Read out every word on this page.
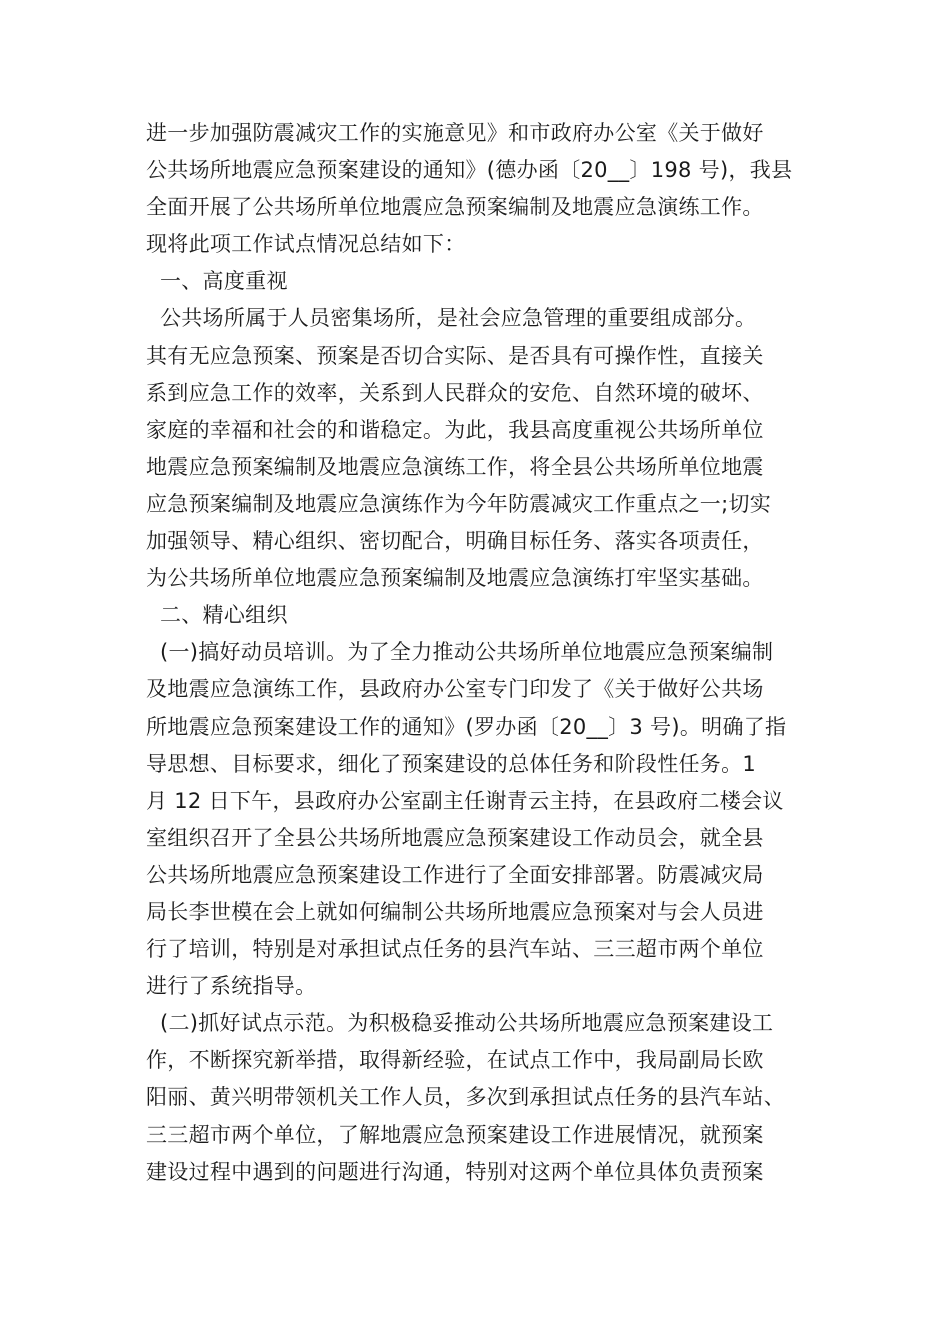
进一步加强防震减灾工作的实施意见》和市政府办公室《关于做好
公共场所地震应急预案建设的通知》(德办函〔20__〕198 号)，我县
全面开展了公共场所单位地震应急预案编制及地震应急演练工作。
现将此项工作试点情况总结如下：
一、高度重视
公共场所属于人员密集场所，是社会应急管理的重要组成部分。
其有无应急预案、预案是否切合实际、是否具有可操作性，直接关
系到应急工作的效率，关系到人民群众的安危、自然环境的破坏、
家庭的幸福和社会的和谐稳定。为此，我县高度重视公共场所单位
地震应急预案编制及地震应急演练工作，将全县公共场所单位地震
应急预案编制及地震应急演练作为今年防震减灾工作重点之一;切实
加强领导、精心组织、密切配合，明确目标任务、落实各项责任，
为公共场所单位地震应急预案编制及地震应急演练打牢坚实基础。
二、精心组织
(一)搞好动员培训。为了全力推动公共场所单位地震应急预案编制
及地震应急演练工作，县政府办公室专门印发了《关于做好公共场
所地震应急预案建设工作的通知》(罗办函〔20__〕3 号)。明确了指
导思想、目标要求，细化了预案建设的总体任务和阶段性任务。1
月 12 日下午，县政府办公室副主任谢青云主持，在县政府二楼会议
室组织召开了全县公共场所地震应急预案建设工作动员会，就全县
公共场所地震应急预案建设工作进行了全面安排部署。防震减灾局
局长李世模在会上就如何编制公共场所地震应急预案对与会人员进
行了培训，特别是对承担试点任务的县汽车站、三三超市两个单位
进行了系统指导。
(二)抓好试点示范。为积极稳妥推动公共场所地震应急预案建设工
作，不断探究新举措，取得新经验，在试点工作中，我局副局长欧
阳丽、黄兴明带领机关工作人员，多次到承担试点任务的县汽车站、
三三超市两个单位，了解地震应急预案建设工作进展情况，就预案
建设过程中遇到的问题进行沟通，特别对这两个单位具体负责预案
